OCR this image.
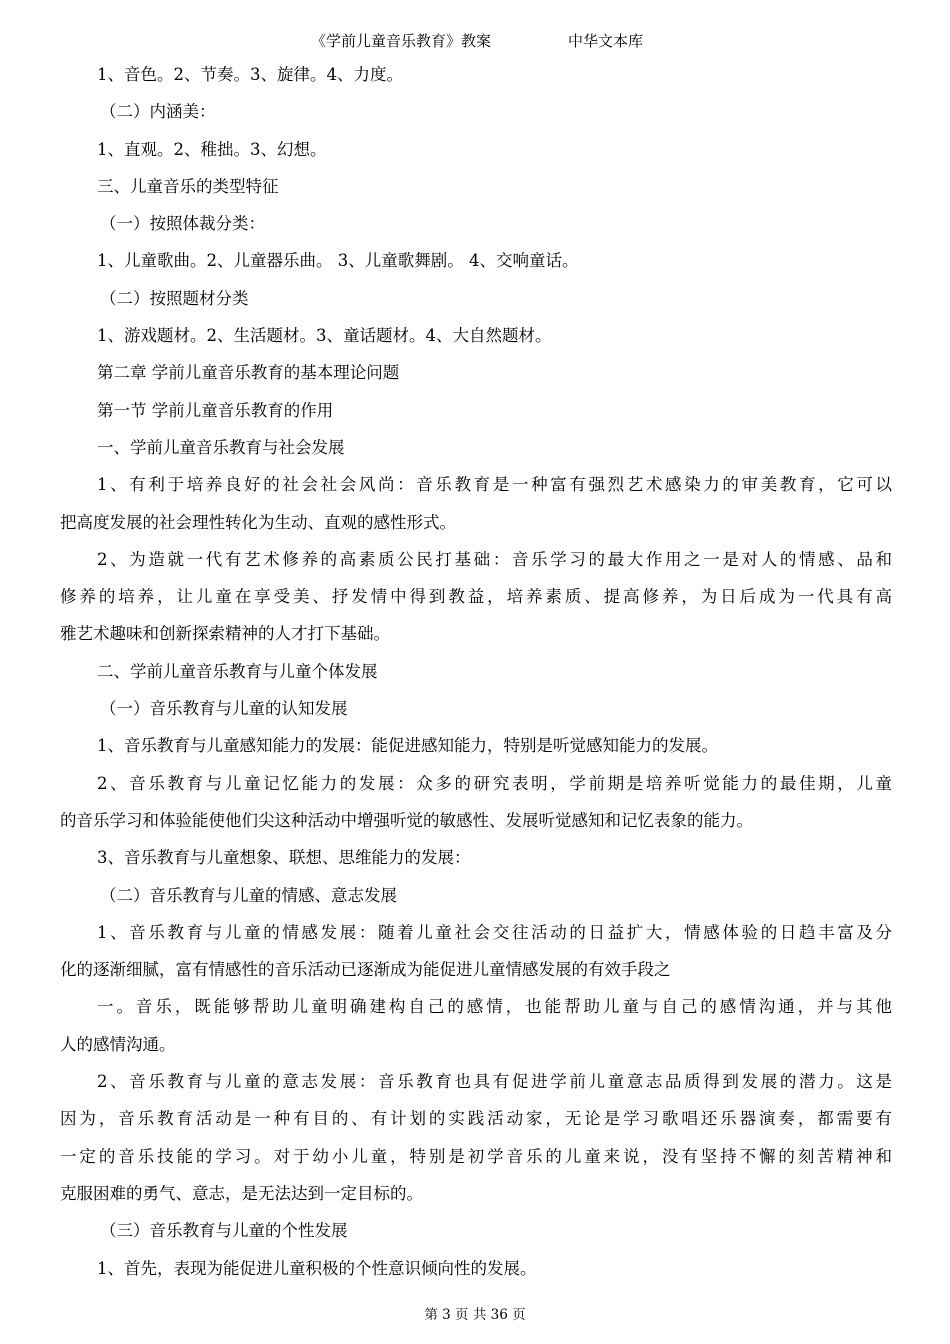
《学前儿童音乐教育》教案	中华文本库
1、音色。2、节奏。3、旋律。4、力度。
（二）内涵美：
1、直观。2、稚拙。3、幻想。
三、儿童音乐的类型特征
（一）按照体裁分类：
1、儿童歌曲。2、儿童器乐曲。 3、儿童歌舞剧。 4、交响童话。
（二）按照题材分类
1、游戏题材。2、生活题材。3、童话题材。4、大自然题材。
第二章 学前儿童音乐教育的基本理论问题
第一节 学前儿童音乐教育的作用
一、学前儿童音乐教育与社会发展
1、有利于培养良好的社会社会风尚：音乐教育是一种富有强烈艺术感染力的审美教育，它可以
把高度发展的社会理性转化为生动、直观的感性形式。
2、为造就一代有艺术修养的高素质公民打基础：音乐学习的最大作用之一是对人的情感、品和
修养的培养，让儿童在享受美、抒发情中得到教益，培养素质、提高修养，为日后成为一代具有高
雅艺术趣味和创新探索精神的人才打下基础。
二、学前儿童音乐教育与儿童个体发展
（一）音乐教育与儿童的认知发展
1、音乐教育与儿童感知能力的发展：能促进感知能力，特别是听觉感知能力的发展。
2、音乐教育与儿童记忆能力的发展：众多的研究表明，学前期是培养听觉能力的最佳期，儿童
的音乐学习和体验能使他们尖这种活动中增强听觉的敏感性、发展听觉感知和记忆表象的能力。
3、音乐教育与儿童想象、联想、思维能力的发展：
（二）音乐教育与儿童的情感、意志发展
1、音乐教育与儿童的情感发展：随着儿童社会交往活动的日益扩大，情感体验的日趋丰富及分
化的逐渐细腻，富有情感性的音乐活动已逐渐成为能促进儿童情感发展的有效手段之
一。音乐，既能够帮助儿童明确建构自己的感情，也能帮助儿童与自己的感情沟通，并与其他
人的感情沟通。
2、音乐教育与儿童的意志发展：音乐教育也具有促进学前儿童意志品质得到发展的潜力。这是
因为，音乐教育活动是一种有目的、有计划的实践活动家，无论是学习歌唱还乐器演奏，都需要有
一定的音乐技能的学习。对于幼小儿童，特别是初学音乐的儿童来说，没有坚持不懈的刻苦精神和
克服困难的勇气、意志，是无法达到一定目标的。
（三）音乐教育与儿童的个性发展
1、首先，表现为能促进儿童积极的个性意识倾向性的发展。
第 3 页 共 36 页
